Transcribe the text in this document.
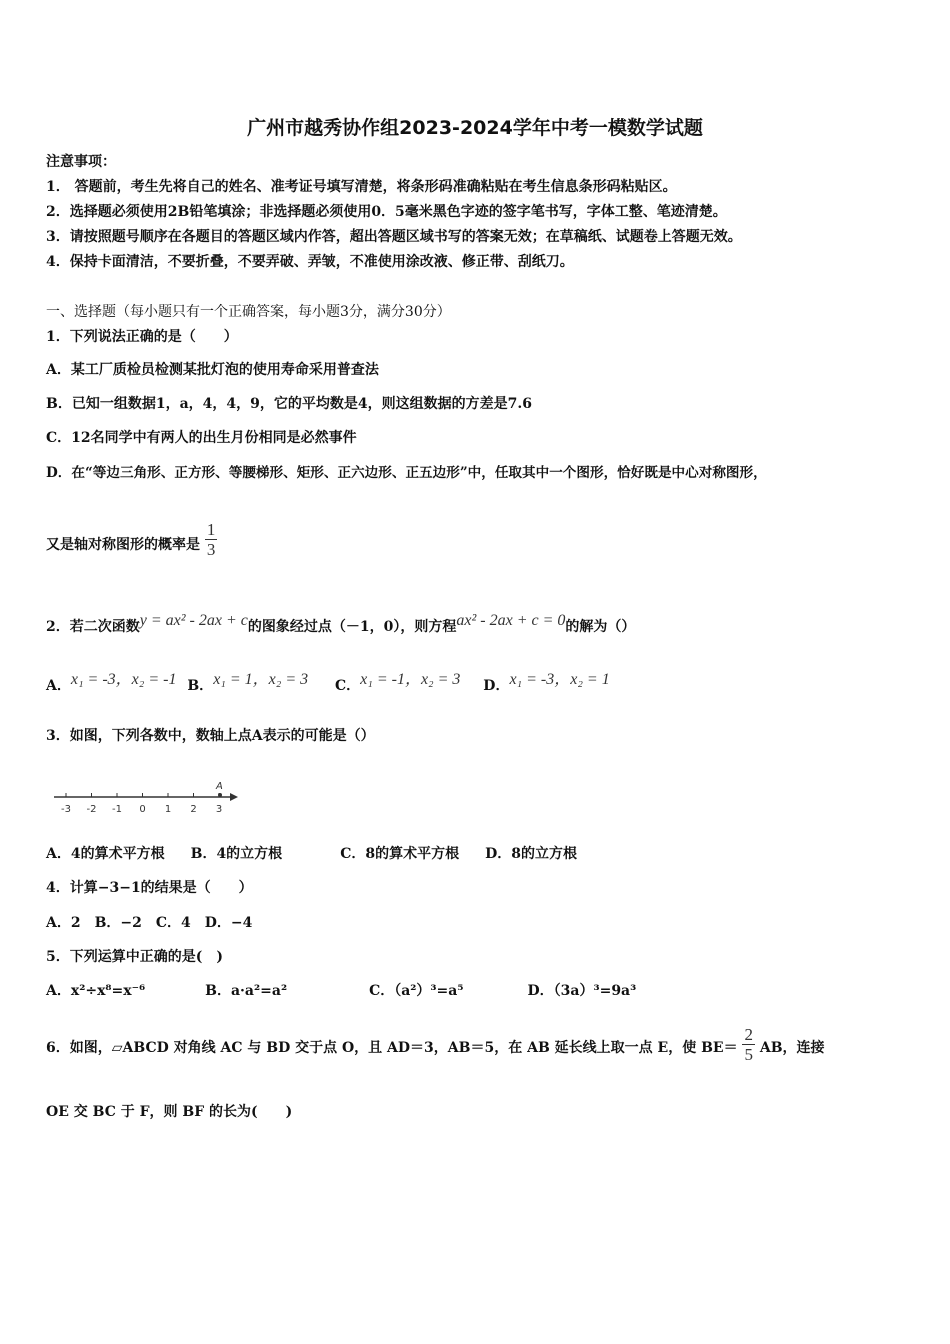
广州市越秀协作组2023-2024学年中考一模数学试题
注意事项：
1． 答题前，考生先将自己的姓名、准考证号填写清楚，将条形码准确粘贴在考生信息条形码粘贴区。
2．选择题必须使用2B铅笔填涂；非选择题必须使用0．5毫米黑色字迹的签字笔书写，字体工整、笔迹清楚。
3．请按照题号顺序在各题目的答题区域内作答，超出答题区域书写的答案无效；在草稿纸、试题卷上答题无效。
4．保持卡面清洁，不要折叠，不要弄破、弄皱，不准使用涂改液、修正带、刮纸刀。
一、选择题（每小题只有一个正确答案，每小题3分，满分30分）
1．下列说法正确的是（　　）
A．某工厂质检员检测某批灯泡的使用寿命采用普查法
B．已知一组数据1，a，4，4，9，它的平均数是4，则这组数据的方差是7.6
C．12名同学中有两人的出生月份相同是必然事件
D．在“等边三角形、正方形、等腰梯形、矩形、正六边形、正五边形”中，任取其中一个图形，恰好既是中心对称图形，
又是轴对称图形的概率是 $\frac{1}{3}$
2．若二次函数y = ax² - 2ax + c的图象经过点（－1，0），则方程ax² - 2ax + c = 0的解为（）
A．x₁ = -3，x₂ = -1 B．x₁ = 1，x₂ = 3 C．x₁ = -1，x₂ = 3 D．x₁ = -3，x₂ = 1
3．如图，下列各数中，数轴上点A表示的可能是（）
-3 -2 -1 0 1 2 3
A
A．4的算术平方根 B．4的立方根	C．8的算术平方根 D．8的立方根
4．计算−3−1的结果是（　　）
A．2　B．−2　C．4　D．−4
5．下列运算中正确的是(　)
A．x²÷x⁸=x⁻⁶	B．a·a²=a²	C．（a²）³=a⁵	D．（3a）³=9a³
6．如图，▱ABCD 对角线 AC 与 BD 交于点 O，且 AD＝3，AB＝5，在 AB 延长线上取一点 E，使 $BE= \frac{2}{5}$ AB，连接
OE 交 BC 于 F，则 BF 的长为(　　)
